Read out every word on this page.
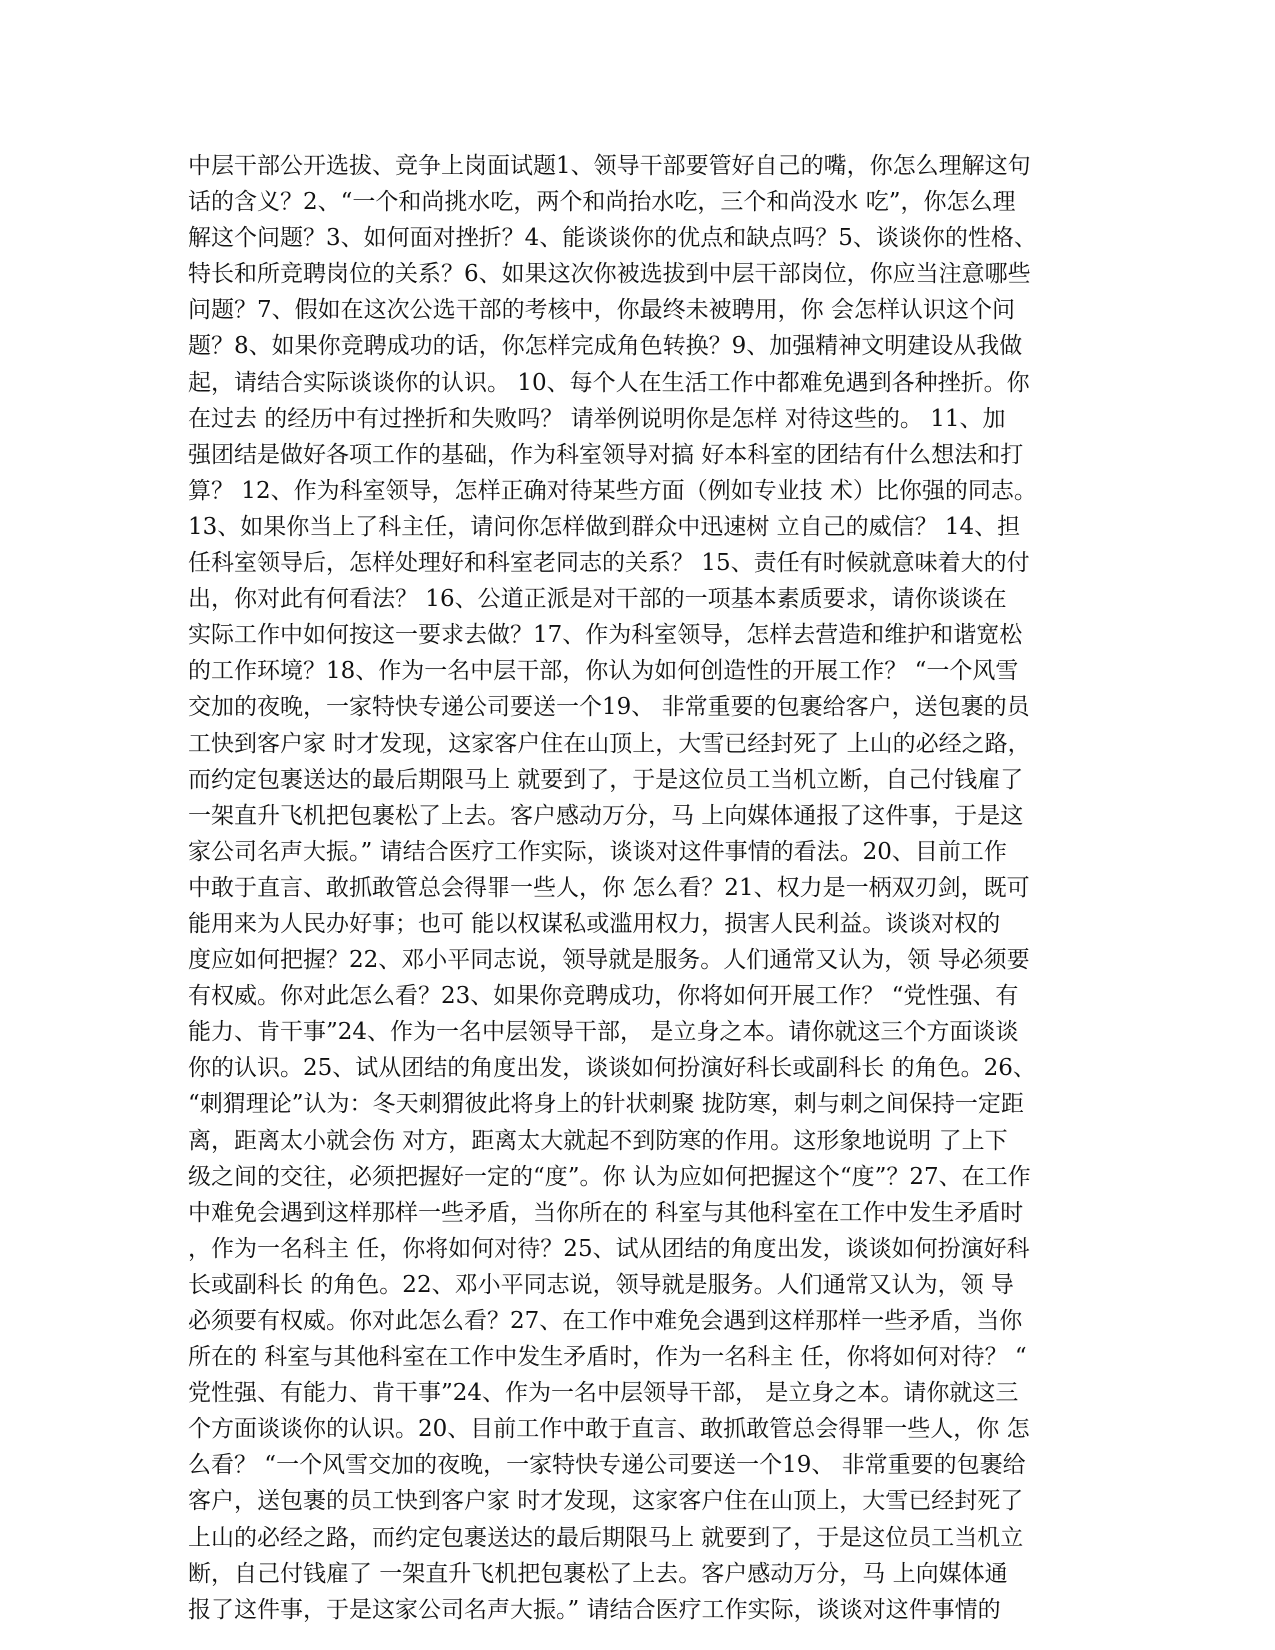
中层干部公开选拔、竞争上岗面试题1、领导干部要管好自己的嘴，你怎么理解这句
话的含义？2、“一个和尚挑水吃，两个和尚抬水吃，三个和尚没水 吃”，你怎么理
解这个问题？3、如何面对挫折？4、能谈谈你的优点和缺点吗？5、谈谈你的性格、
特长和所竞聘岗位的关系？6、如果这次你被选拔到中层干部岗位，你应当注意哪些
问题？7、假如在这次公选干部的考核中，你最终未被聘用，你 会怎样认识这个问
题？8、如果你竞聘成功的话，你怎样完成角色转换？9、加强精神文明建设从我做
起，请结合实际谈谈你的认识。 10、每个人在生活工作中都难免遇到各种挫折。你
在过去 的经历中有过挫折和失败吗？ 请举例说明你是怎样 对待这些的。 11、加
强团结是做好各项工作的基础，作为科室领导对搞 好本科室的团结有什么想法和打
算？ 12、作为科室领导，怎样正确对待某些方面（例如专业技 术）比你强的同志。
13、如果你当上了科主任，请问你怎样做到群众中迅速树 立自己的威信？ 14、担
任科室领导后，怎样处理好和科室老同志的关系？ 15、责任有时候就意味着大的付
出，你对此有何看法？ 16、公道正派是对干部的一项基本素质要求，请你谈谈在
实际工作中如何按这一要求去做？17、作为科室领导，怎样去营造和维护和谐宽松
的工作环境？18、作为一名中层干部，你认为如何创造性的开展工作？ “一个风雪
交加的夜晚，一家特快专递公司要送一个19、 非常重要的包裹给客户，送包裹的员
工快到客户家 时才发现，这家客户住在山顶上，大雪已经封死了 上山的必经之路，
而约定包裹送达的最后期限马上 就要到了，于是这位员工当机立断，自己付钱雇了
一架直升飞机把包裹松了上去。客户感动万分，马 上向媒体通报了这件事，于是这
家公司名声大振。” 请结合医疗工作实际，谈谈对这件事情的看法。20、目前工作
中敢于直言、敢抓敢管总会得罪一些人，你 怎么看？21、权力是一柄双刃剑，既可
能用来为人民办好事；也可 能以权谋私或滥用权力，损害人民利益。谈谈对权的
度应如何把握？22、邓小平同志说，领导就是服务。人们通常又认为，领 导必须要
有权威。你对此怎么看？23、如果你竞聘成功，你将如何开展工作？ “党性强、有
能力、肯干事”24、作为一名中层领导干部， 是立身之本。请你就这三个方面谈谈
你的认识。25、试从团结的角度出发，谈谈如何扮演好科长或副科长 的角色。26、
“刺猬理论”认为：冬天刺猬彼此将身上的针状刺聚 拢防寒，刺与刺之间保持一定距
离，距离太小就会伤 对方，距离太大就起不到防寒的作用。这形象地说明 了上下
级之间的交往，必须把握好一定的“度”。你 认为应如何把握这个“度”？27、在工作
中难免会遇到这样那样一些矛盾，当你所在的 科室与其他科室在工作中发生矛盾时
，作为一名科主 任，你将如何对待？25、试从团结的角度出发，谈谈如何扮演好科
长或副科长 的角色。22、邓小平同志说，领导就是服务。人们通常又认为，领 导
必须要有权威。你对此怎么看？27、在工作中难免会遇到这样那样一些矛盾，当你
所在的 科室与其他科室在工作中发生矛盾时，作为一名科主 任，你将如何对待？ “
党性强、有能力、肯干事”24、作为一名中层领导干部， 是立身之本。请你就这三
个方面谈谈你的认识。20、目前工作中敢于直言、敢抓敢管总会得罪一些人，你 怎
么看？ “一个风雪交加的夜晚，一家特快专递公司要送一个19、 非常重要的包裹给
客户，送包裹的员工快到客户家 时才发现，这家客户住在山顶上，大雪已经封死了
上山的必经之路，而约定包裹送达的最后期限马上 就要到了，于是这位员工当机立
断，自己付钱雇了 一架直升飞机把包裹松了上去。客户感动万分，马 上向媒体通
报了这件事，于是这家公司名声大振。” 请结合医疗工作实际，谈谈对这件事情的
